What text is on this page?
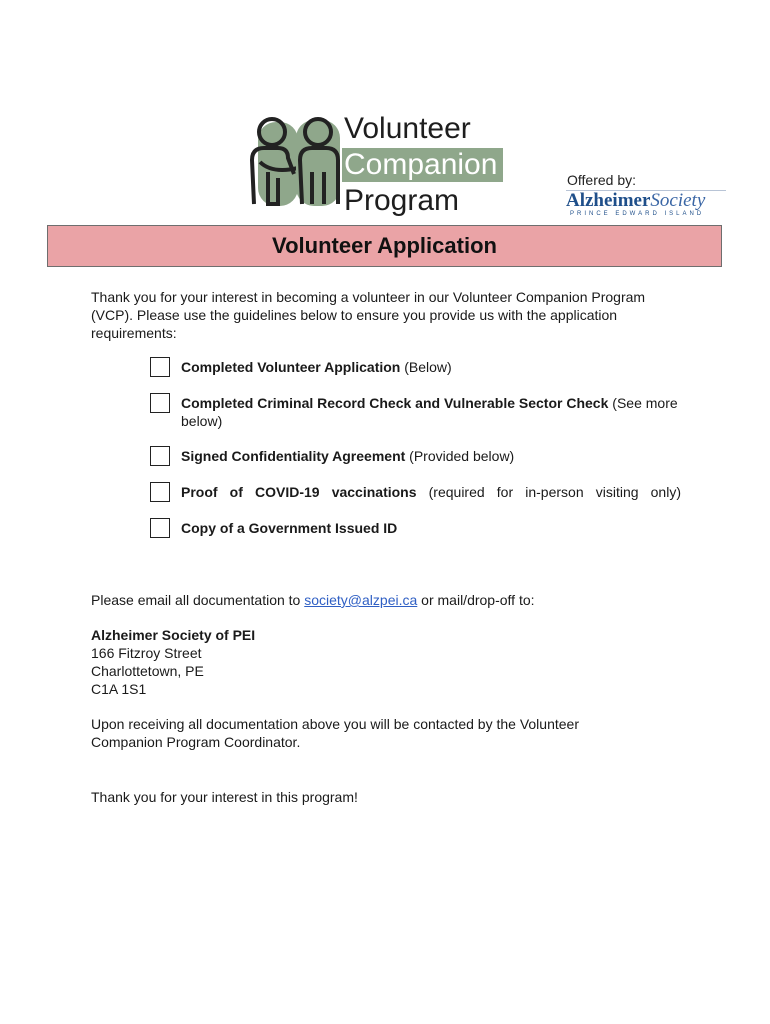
Volunteer
Companion
Program
Offered by:
AlzheimerSociety
PRINCE EDWARD ISLAND
Volunteer Application
Thank you for your interest in becoming a volunteer in our Volunteer Companion Program (VCP). Please use the guidelines below to ensure you provide us with the application requirements:
Completed Volunteer Application (Below)
Completed Criminal Record Check and Vulnerable Sector Check (See more below)
Signed Confidentiality Agreement (Provided below)
Proof of COVID-19 vaccinations (required for in-person visiting only)
Copy of a Government Issued ID
Please email all documentation to society@alzpei.ca or mail/drop-off to:
Alzheimer Society of PEI
166 Fitzroy Street
Charlottetown, PE
C1A 1S1
Upon receiving all documentation above you will be contacted by the Volunteer Companion Program Coordinator.
Thank you for your interest in this program!
